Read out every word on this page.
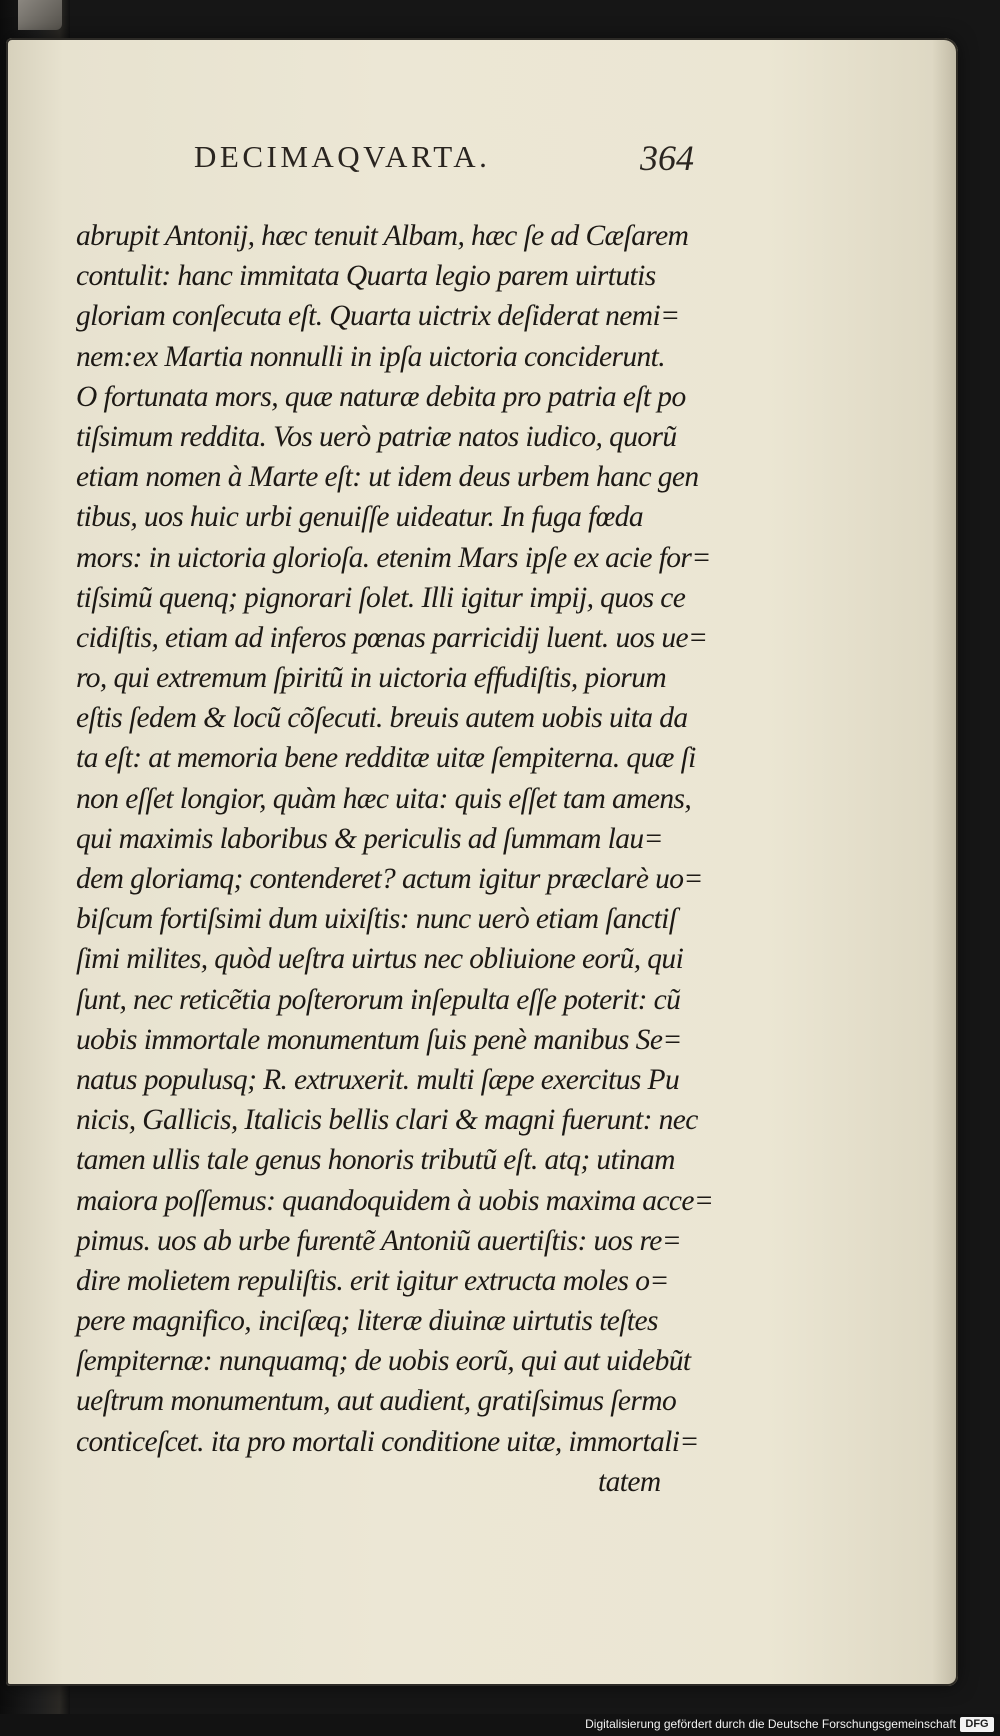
DECIMAQVARTA.	364
abrupit Antonij, hæc tenuit Albam, hæc ſe ad Cæſarem
contulit: hanc immitata Quarta legio parem uirtutis
gloriam conſecuta eſt. Quarta uictrix deſiderat nemi=
nem:ex Martia nonnulli in ipſa uictoria conciderunt.
O fortunata mors, quæ naturæ debita pro patria eſt po
tiſsimum reddita. Vos uerò patriæ natos iudico, quorũ
etiam nomen à Marte eſt: ut idem deus urbem hanc gen
tibus, uos huic urbi genuiſſe uideatur. In fuga fœda
mors: in uictoria glorioſa. etenim Mars ipſe ex acie for=
tiſsimũ quenq; pignorari ſolet. Illi igitur impij, quos ce
cidiſtis, etiam ad inferos pœnas parricidij luent. uos ue=
ro, qui extremum ſpiritũ in uictoria effudiſtis, piorum
eſtis ſedem & locũ cõſecuti. breuis autem uobis uita da
ta eſt: at memoria bene redditæ uitæ ſempiterna. quæ ſi
non eſſet longior, quàm hæc uita: quis eſſet tam amens,
qui maximis laboribus & periculis ad ſummam lau=
dem gloriamq; contenderet? actum igitur præclarè uo=
biſcum fortiſsimi dum uixiſtis: nunc uerò etiam ſanctiſ
ſimi milites, quòd ueſtra uirtus nec obliuione eorũ, qui
ſunt, nec reticẽtia poſterorum inſepulta eſſe poterit: cũ
uobis immortale monumentum ſuis penè manibus Se=
natus populusq; R. extruxerit. multi ſæpe exercitus Pu
nicis, Gallicis, Italicis bellis clari & magni fuerunt: nec
tamen ullis tale genus honoris tributũ eſt. atq; utinam
maiora poſſemus: quandoquidem à uobis maxima acce=
pimus. uos ab urbe furentẽ Antoniũ auertiſtis: uos re=
dire molietem repuliſtis. erit igitur extructa moles o=
pere magnifico, inciſæq; literæ diuinæ uirtutis teſtes
ſempiternæ: nunquamq; de uobis eorũ, qui aut uidebũt
ueſtrum monumentum, aut audient, gratiſsimus ſermo
conticeſcet. ita pro mortali conditione uitæ, immortali=
tatem
Digitalisierung gefördert durch die Deutsche Forschungsgemeinschaft DFG
